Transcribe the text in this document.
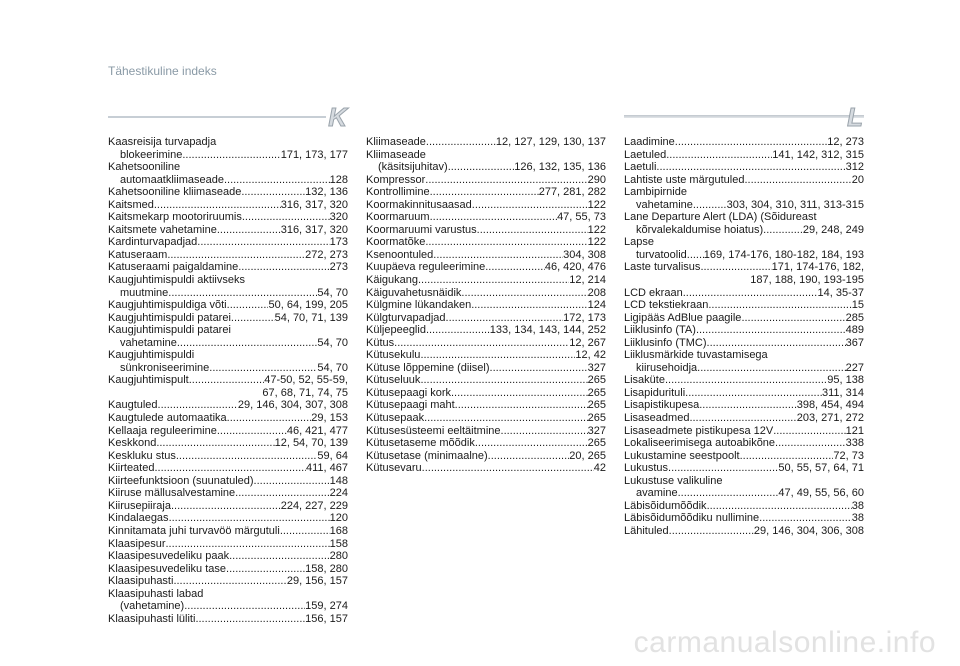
Tähestikuline indeks
K	L
Kaasreisija turvapadja
blokeerimine .....	171, 173, 177
Kahetsooniline
automaatkliimaseade .....	128
Kahetsooniline kliimaseade .....	132, 136
Kaitsmed .....	316, 317, 320
Kaitsmekarp mootoriruumis .....	320
Kaitsmete vahetamine .....	316, 317, 320
Kardinturvapadjad .....	173
Katuseraam .....	272, 273
Katuseraami paigaldamine .....	273
Kaugjuhtimispuldi aktiivseks
muutmine .....	54, 70
Kaugjuhtimispuldiga võti .....	50, 64, 199, 205
Kaugjuhtimispuldi patarei .....	54, 70, 71, 139
Kaugjuhtimispuldi patarei
vahetamine .....	54, 70
Kaugjuhtimispuldi
sünkroniseerimine .....	54, 70
Kaugjuhtimispult .....	47-50, 52, 55-59,
67, 68, 71, 74, 75
Kaugtuled .....	29, 146, 304, 307, 308
Kaugtulede automaatika .....	29, 153
Kellaaja reguleerimine .....	46, 421, 477
Keskkond .....	12, 54, 70, 139
Keskluku stus .....	59, 64
Kiirteated .....	411, 467
Kiirteefunktsioon (suunatuled) .....	148
Kiiruse mällusalvestamine .....	224
Kiirusepiiraja .....	224, 227, 229
Kindalaegas .....	120
Kinnitamata juhi turvavöö märgutuli .....	168
Klaasipesur .....	158
Klaasipesuvedeliku paak .....	280
Klaasipesuvedeliku tase .....	158, 280
Klaasipuhasti .....	29, 156, 157
Klaasipuhasti labad
(vahetamine) .....	159, 274
Klaasipuhasti lüliti .....	156, 157
Kliimaseade .....	12, 127, 129, 130, 137
Kliimaseade
(käsitsijuhitav) .....	126, 132, 135, 136
Kompressor .....	290
Kontrollimine .....	277, 281, 282
Koormakinnitusaasad .....	122
Koormaruum .....	47, 55, 73
Koormaruumi varustus .....	122
Koormatõke .....	122
Ksenoontuled .....	304, 308
Kuupäeva reguleerimine .....	46, 420, 476
Käigukang .....	12, 214
Käiguvahetusnäidik .....	208
Külgmine lükandaken .....	124
Külgturvapadjad .....	172, 173
Küljepeeglid .....	133, 134, 143, 144, 252
Kütus .....	12, 267
Kütusekulu .....	12, 42
Kütuse lõppemine (diisel) .....	327
Kütuseluuk .....	265
Kütusepaagi kork .....	265
Kütusepaagi maht .....	265
Kütusepaak .....	265
Kütusesüsteemi eeltäitmine .....	327
Kütusetaseme mõõdik .....	265
Kütusetase (minimaalne) .....	20, 265
Kütusevaru .....	42
Laadimine .....	12, 273
Laetuled .....	141, 142, 312, 315
Laetuli .....	312
Lahtiste uste märgutuled .....	20
Lambipirnide
vahetamine .....	303, 304, 310, 311, 313-315
Lane Departure Alert (LDA) (Sõidureast
kõrvalekaldumise hoiatus) .....	29, 248, 249
Lapse
turvatoolid ..... 169, 174-176, 180-182, 184, 193
Laste turvalisus .....	171, 174-176, 182,
187, 188, 190, 193-195
LCD ekraan .....	14, 35-37
LCD tekstiekraan .....	15
Ligipääs AdBlue paagile .....	285
Liiklusinfo (TA) .....	489
Liiklusinfo (TMC) .....	367
Liiklusmärkide tuvastamisega
kiirusehoidja .....	227
Lisaküte .....	95, 138
Lisapidurituli .....	311, 314
Lisapistikupesa .....	398, 454, 494
Lisaseadmed .....	203, 271, 272
Lisaseadmete pistikupesa 12V .....	121
Lokaliseerimisega autoabikõne .....	338
Lukustamine seestpoolt .....	72, 73
Lukustus .....	50, 55, 57, 64, 71
Lukustuse valikuline
avamine .....	47, 49, 55, 56, 60
Läbisõidumõõdik .....	38
Läbisõidumõõdiku nullimine .....	38
Lähituled .....	29, 146, 304, 306, 308
carmanualsonline.info
